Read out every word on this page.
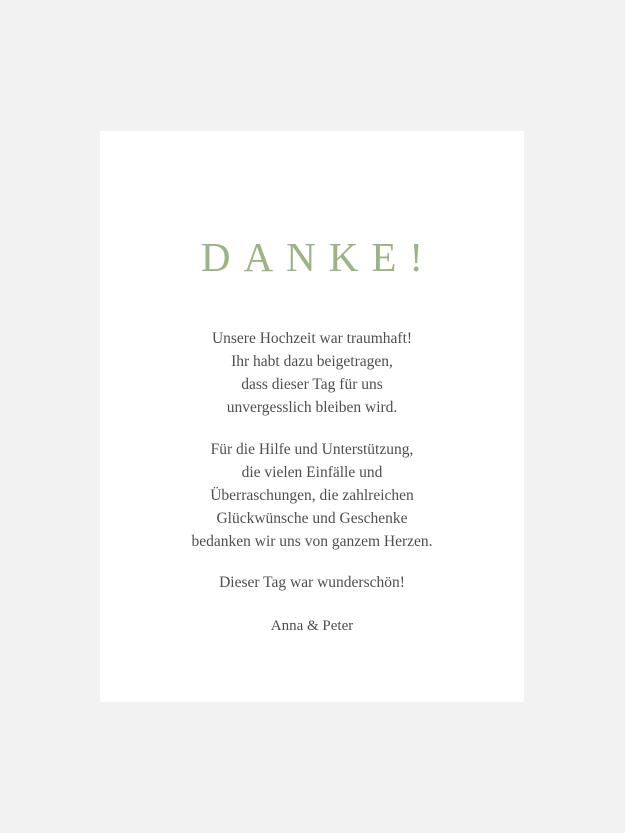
DANKE!

Unsere Hochzeit war traumhaft!
Ihr habt dazu beigetragen,
dass dieser Tag für uns
unvergesslich bleiben wird.

Für die Hilfe und Unterstützung,
die vielen Einfälle und
Überraschungen, die zahlreichen
Glückwünsche und Geschenke
bedanken wir uns von ganzem Herzen.

Dieser Tag war wunderschön!

Anna & Peter
